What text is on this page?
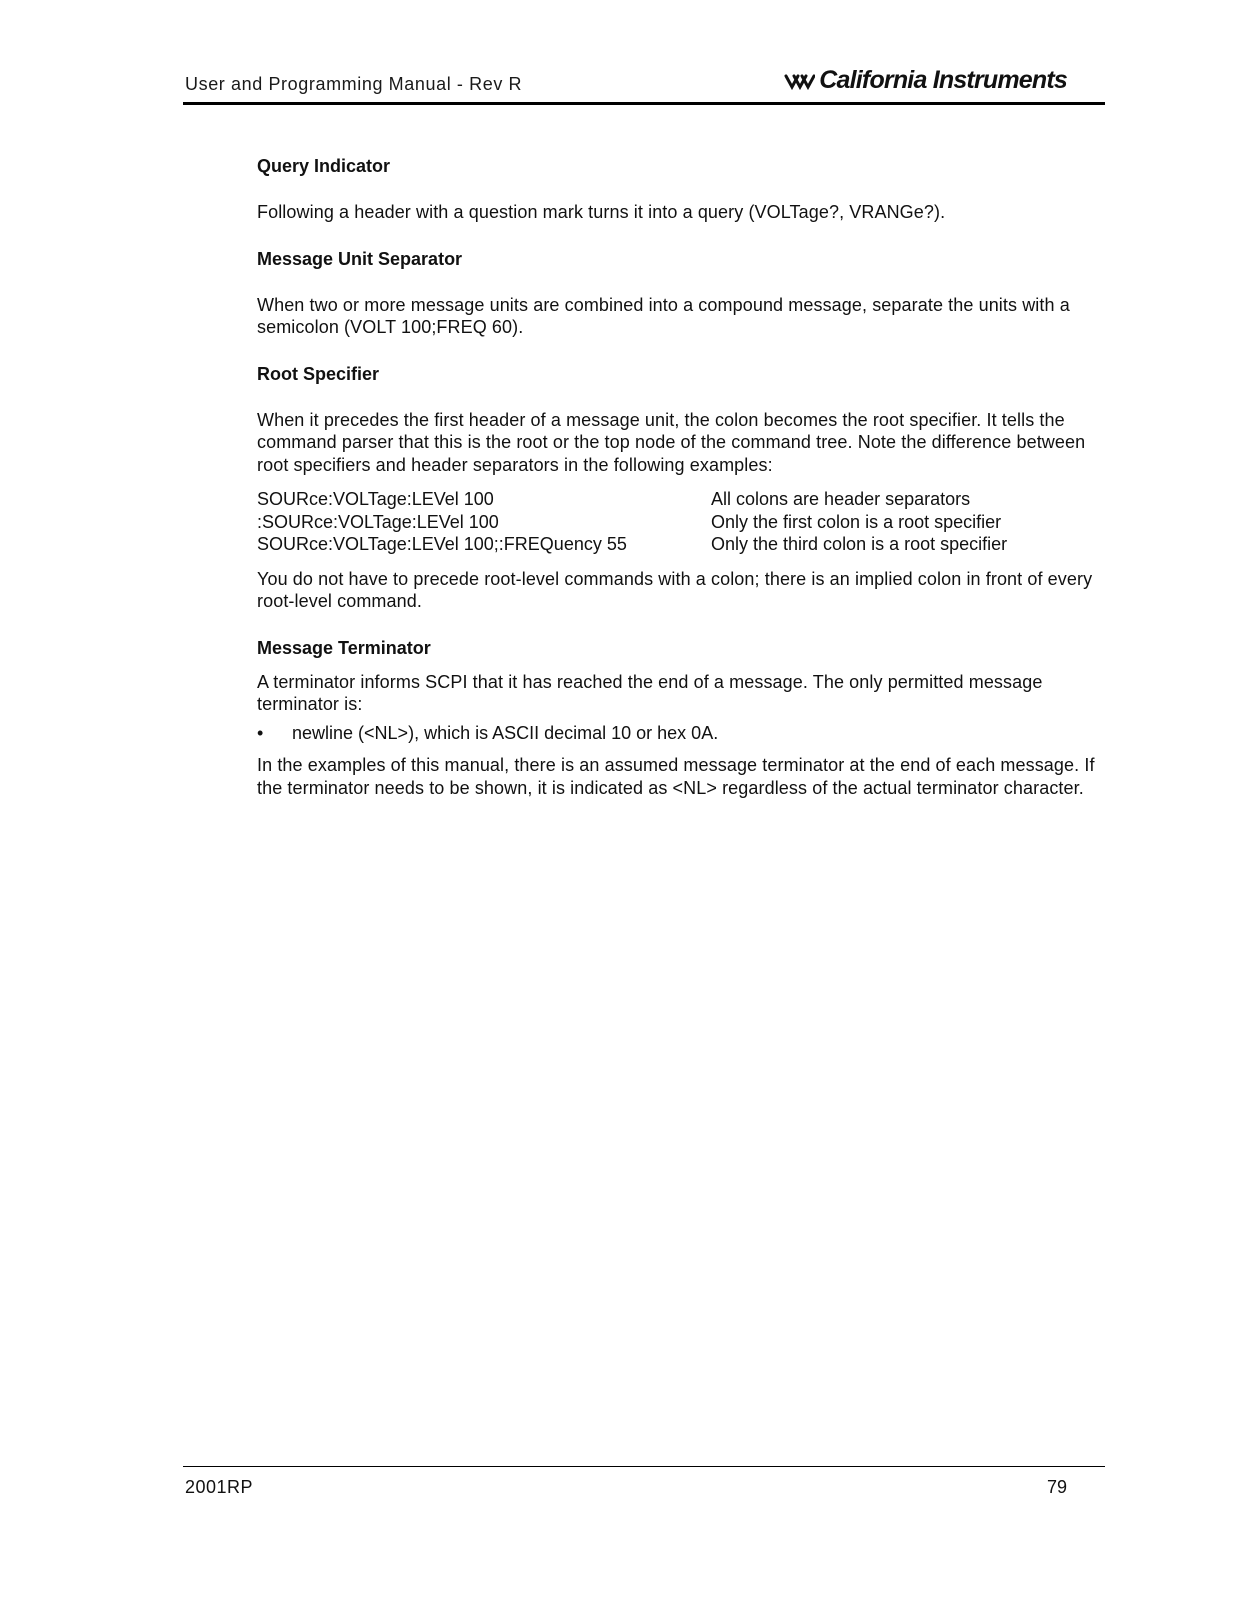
User and Programming Manual - Rev R	California Instruments

Query Indicator

Following a header with a question mark turns it into a query (VOLTage?, VRANGe?).

Message Unit Separator

When two or more message units are combined into a compound message, separate the units with a semicolon (VOLT 100;FREQ 60).

Root Specifier

When it precedes the first header of a message unit, the colon becomes the root specifier. It tells the command parser that this is the root or the top node of the command tree. Note the difference between root specifiers and header separators in the following examples:

SOURce:VOLTage:LEVel 100	All colons are header separators
:SOURce:VOLTage:LEVel 100	Only the first colon is a root specifier
SOURce:VOLTage:LEVel 100;:FREQuency 55	Only the third colon is a root specifier

You do not have to precede root-level commands with a colon; there is an implied colon in front of every root-level command.

Message Terminator

A terminator informs SCPI that it has reached the end of a message. The only permitted message terminator is:

•	newline (<NL>), which is ASCII decimal 10 or hex 0A.

In the examples of this manual, there is an assumed message terminator at the end of each message. If the terminator needs to be shown, it is indicated as <NL> regardless of the actual terminator character.

2001RP	79
